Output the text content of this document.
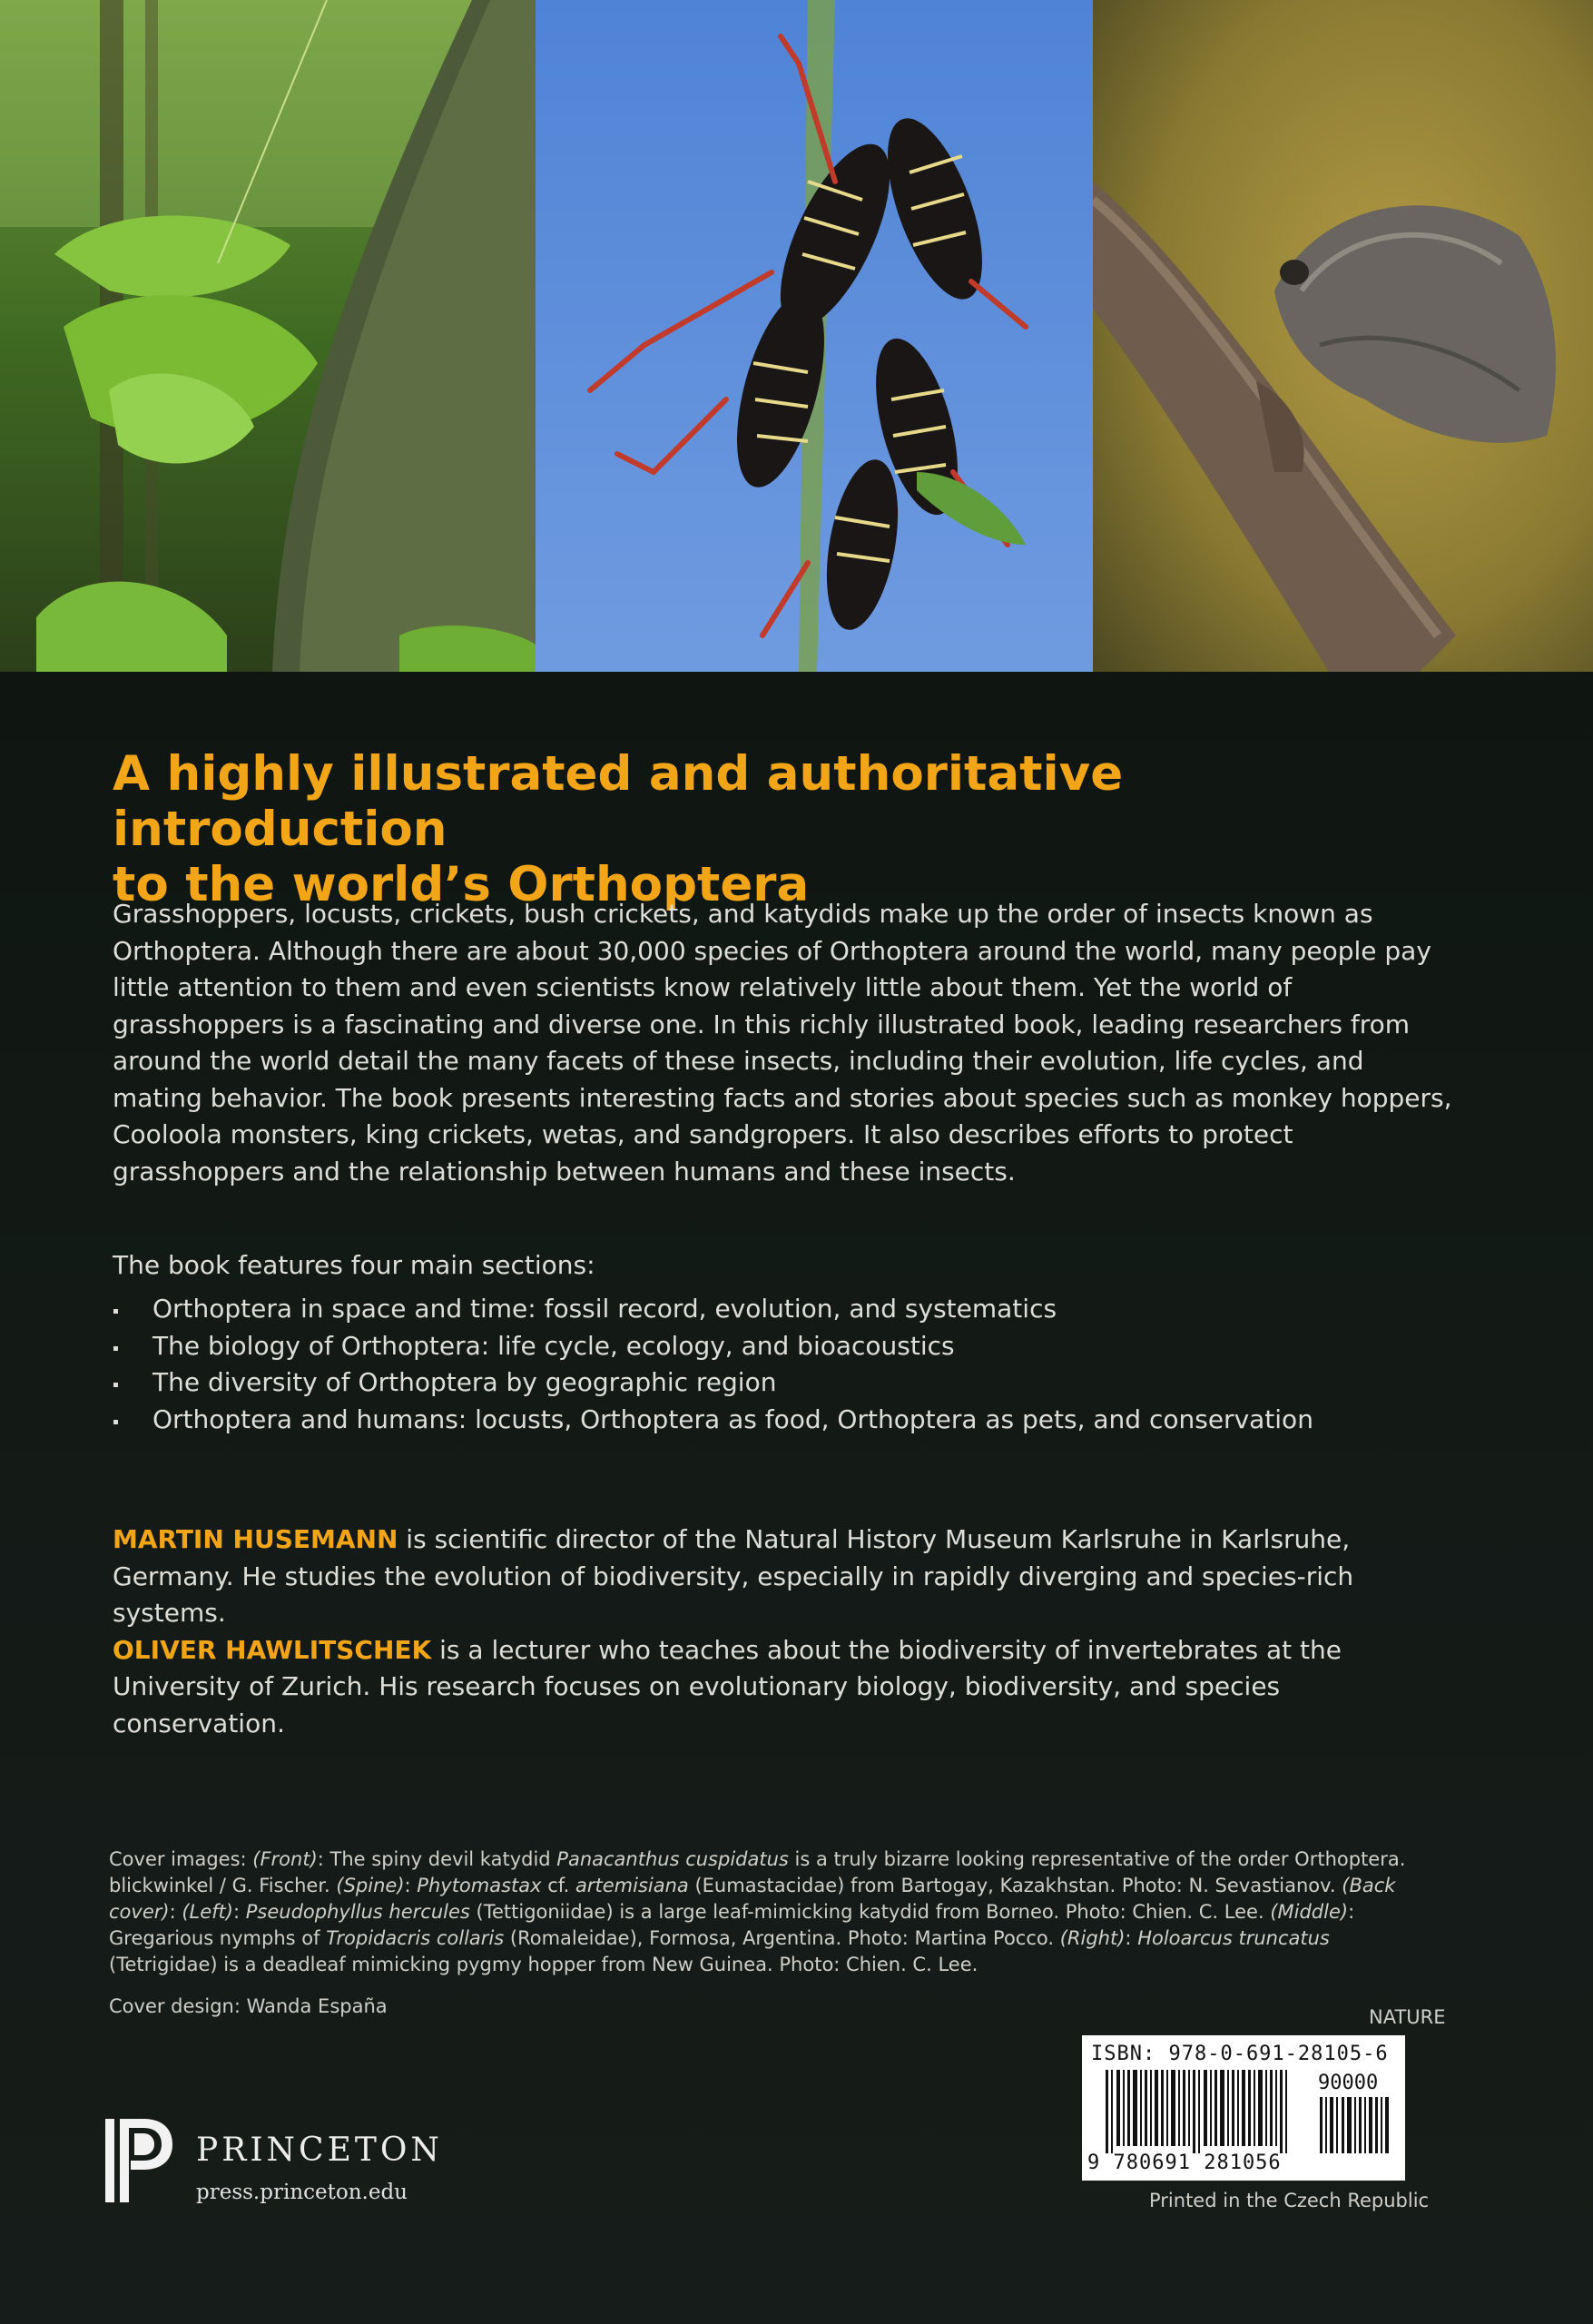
A highly illustrated and authoritative introduction
to the world’s Orthoptera

Grasshoppers, locusts, crickets, bush crickets, and katydids make up the order of insects known as Orthoptera. Although there are about 30,000 species of Orthoptera around the world, many people pay little attention to them and even scientists know relatively little about them. Yet the world of grasshoppers is a fascinating and diverse one. In this richly illustrated book, leading researchers from around the world detail the many facets of these insects, including their evolution, life cycles, and mating behavior. The book presents interesting facts and stories about species such as monkey hoppers, Cooloola monsters, king crickets, wetas, and sandgropers. It also describes efforts to protect grasshoppers and the relationship between humans and these insects.

The book features four main sections:
Orthoptera in space and time: fossil record, evolution, and systematics
The biology of Orthoptera: life cycle, ecology, and bioacoustics
The diversity of Orthoptera by geographic region
Orthoptera and humans: locusts, Orthoptera as food, Orthoptera as pets, and conservation

MARTIN HUSEMANN is scientific director of the Natural History Museum Karlsruhe in Karlsruhe, Germany. He studies the evolution of biodiversity, especially in rapidly diverging and species-rich systems.
OLIVER HAWLITSCHEK is a lecturer who teaches about the biodiversity of invertebrates at the University of Zurich. His research focuses on evolutionary biology, biodiversity, and species conservation.

Cover images: (Front): The spiny devil katydid Panacanthus cuspidatus is a truly bizarre looking representative of the order Orthoptera. blickwinkel / G. Fischer. (Spine): Phytomastax cf. artemisiana (Eumastacidae) from Bartogay, Kazakhstan. Photo: N. Sevastianov. (Back cover): (Left): Pseudophyllus hercules (Tettigoniidae) is a large leaf-mimicking katydid from Borneo. Photo: Chien. C. Lee. (Middle): Gregarious nymphs of Tropidacris collaris (Romaleidae), Formosa, Argentina. Photo: Martina Pocco. (Right): Holoarcus truncatus (Tetrigidae) is a deadleaf mimicking pygmy hopper from New Guinea. Photo: Chien. C. Lee.

Cover design: Wanda España	NATURE
ISBN: 978-0-691-28105-6
90000
9 780691 281056
Printed in the Czech Republic
PRINCETON
press.princeton.edu
